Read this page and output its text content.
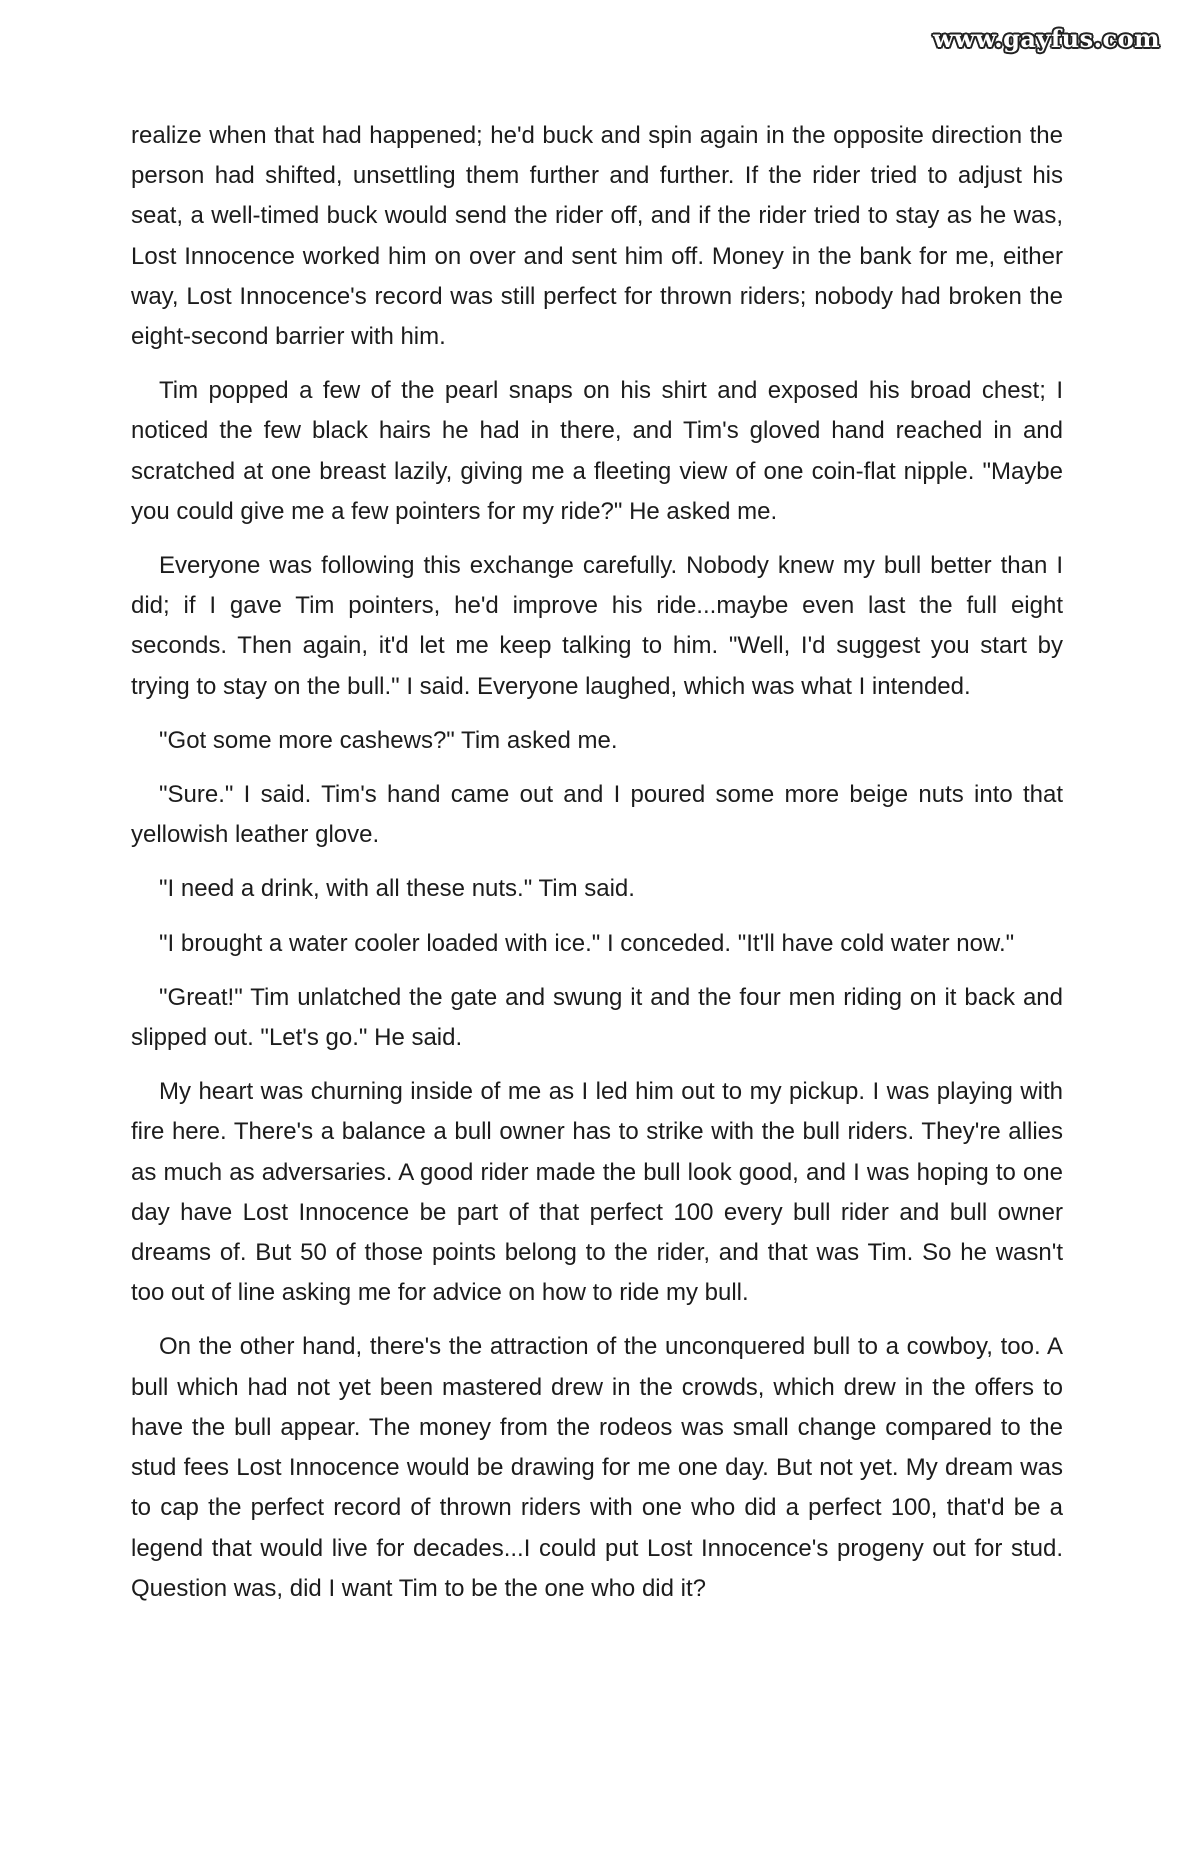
www.gayfus.com

realize when that had happened; he'd buck and spin again in the opposite direction the person had shifted, unsettling them further and further. If the rider tried to adjust his seat, a well-timed buck would send the rider off, and if the rider tried to stay as he was, Lost Innocence worked him on over and sent him off. Money in the bank for me, either way, Lost Innocence's record was still perfect for thrown riders; nobody had broken the eight-second barrier with him.

Tim popped a few of the pearl snaps on his shirt and exposed his broad chest; I noticed the few black hairs he had in there, and Tim's gloved hand reached in and scratched at one breast lazily, giving me a fleeting view of one coin-flat nipple. "Maybe you could give me a few pointers for my ride?" He asked me.

Everyone was following this exchange carefully. Nobody knew my bull better than I did; if I gave Tim pointers, he'd improve his ride...maybe even last the full eight seconds. Then again, it'd let me keep talking to him. "Well, I'd suggest you start by trying to stay on the bull." I said. Everyone laughed, which was what I intended.

"Got some more cashews?" Tim asked me.

"Sure." I said. Tim's hand came out and I poured some more beige nuts into that yellowish leather glove.

"I need a drink, with all these nuts." Tim said.

"I brought a water cooler loaded with ice." I conceded. "It'll have cold water now."

"Great!" Tim unlatched the gate and swung it and the four men riding on it back and slipped out. "Let's go." He said.

My heart was churning inside of me as I led him out to my pickup. I was playing with fire here. There's a balance a bull owner has to strike with the bull riders. They're allies as much as adversaries. A good rider made the bull look good, and I was hoping to one day have Lost Innocence be part of that perfect 100 every bull rider and bull owner dreams of. But 50 of those points belong to the rider, and that was Tim. So he wasn't too out of line asking me for advice on how to ride my bull.

On the other hand, there's the attraction of the unconquered bull to a cowboy, too. A bull which had not yet been mastered drew in the crowds, which drew in the offers to have the bull appear. The money from the rodeos was small change compared to the stud fees Lost Innocence would be drawing for me one day. But not yet. My dream was to cap the perfect record of thrown riders with one who did a perfect 100, that'd be a legend that would live for decades...I could put Lost Innocence's progeny out for stud. Question was, did I want Tim to be the one who did it?
